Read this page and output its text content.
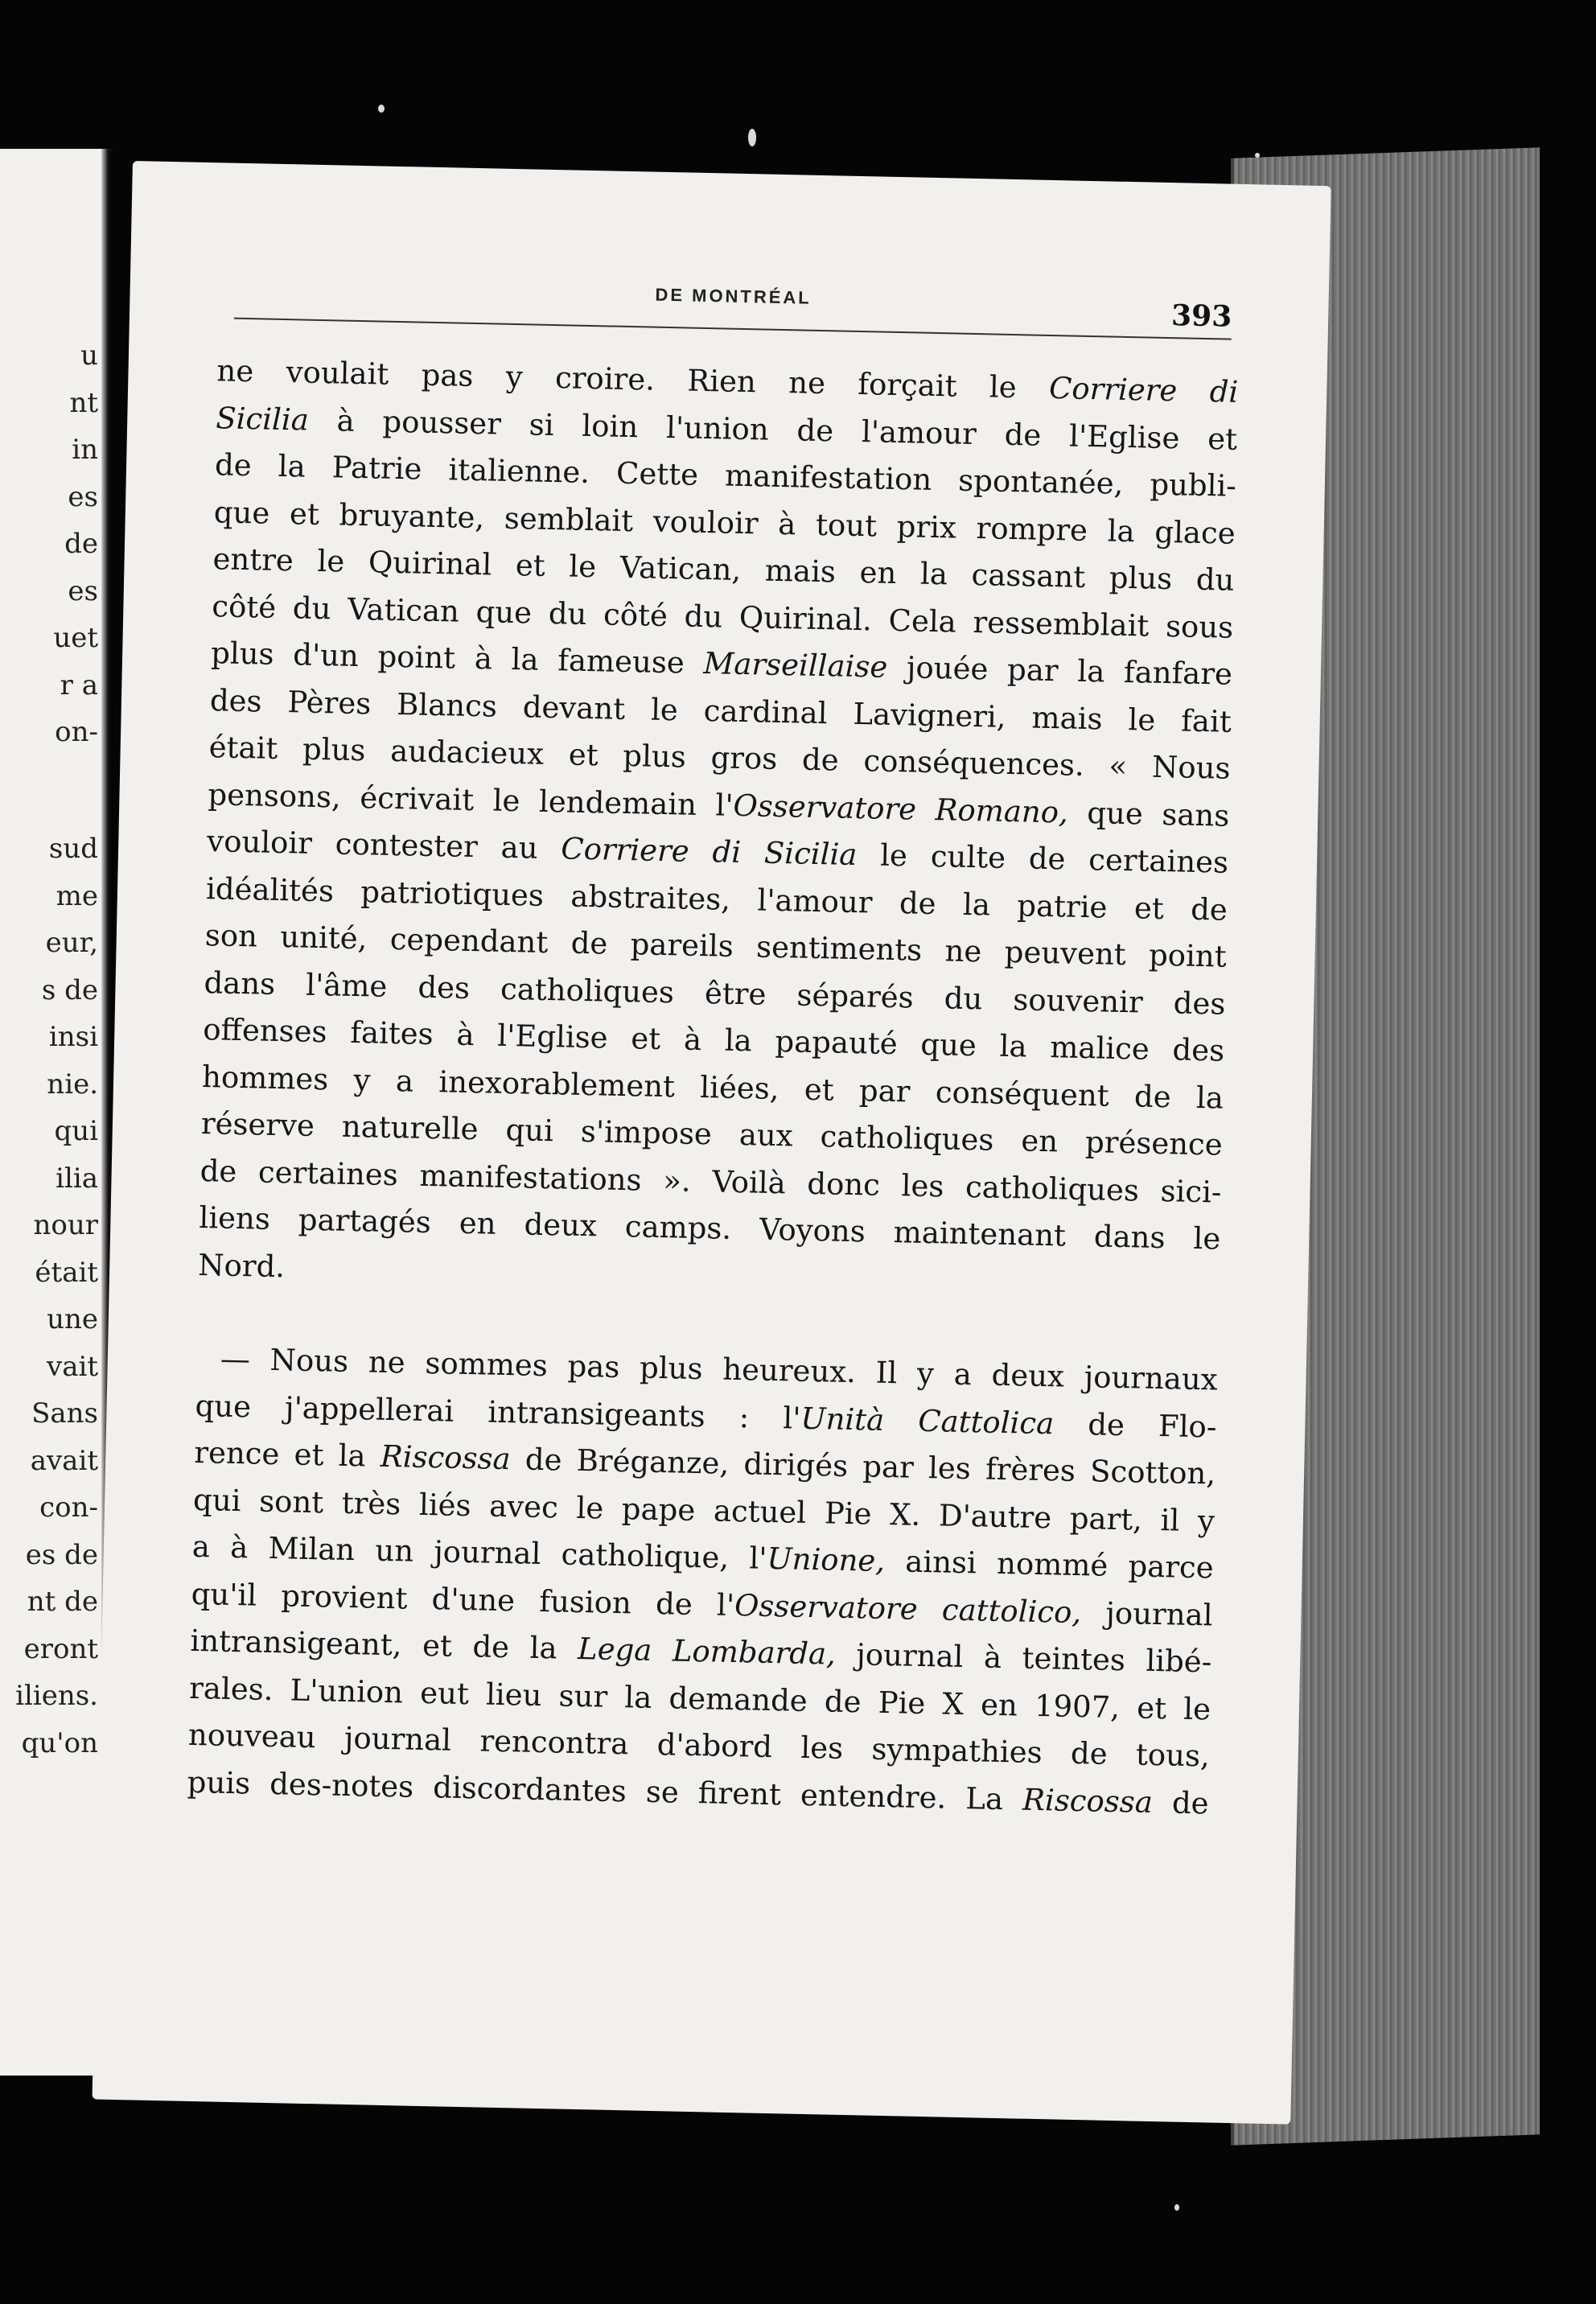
u
nt
in
es
de
es
uet
r a
on-
sud
me
eur,
s de
insi
nie.
qui
ilia
nour
était
une
vait
Sans
avait
con-
es de
nt de
eront
iliens.
qu'on
DE MONTRÉAL
393
ne voulait pas y croire. Rien ne forçait le Corriere di
Sicilia à pousser si loin l'union de l'amour de l'Eglise et
de la Patrie italienne. Cette manifestation spontanée, publi-
que et bruyante, semblait vouloir à tout prix rompre la glace
entre le Quirinal et le Vatican, mais en la cassant plus du
côté du Vatican que du côté du Quirinal. Cela ressemblait sous
plus d'un point à la fameuse Marseillaise jouée par la fanfare
des Pères Blancs devant le cardinal Lavigneri, mais le fait
était plus audacieux et plus gros de conséquences. « Nous
pensons, écrivait le lendemain l'Osservatore Romano, que sans
vouloir contester au Corriere di Sicilia le culte de certaines
idéalités patriotiques abstraites, l'amour de la patrie et de
son unité, cependant de pareils sentiments ne peuvent point
dans l'âme des catholiques être séparés du souvenir des
offenses faites à l'Eglise et à la papauté que la malice des
hommes y a inexorablement liées, et par conséquent de la
réserve naturelle qui s'impose aux catholiques en présence
de certaines manifestations ». Voilà donc les catholiques sici-
liens partagés en deux camps. Voyons maintenant dans le
Nord.
— Nous ne sommes pas plus heureux. Il y a deux journaux
que j'appellerai intransigeants : l'Unità Cattolica de Flo-
rence et la Riscossa de Bréganze, dirigés par les frères Scotton,
qui sont très liés avec le pape actuel Pie X. D'autre part, il y
a à Milan un journal catholique, l'Unione, ainsi nommé parce
qu'il provient d'une fusion de l'Osservatore cattolico, journal
intransigeant, et de la Lega Lombarda, journal à teintes libé-
rales. L'union eut lieu sur la demande de Pie X en 1907, et le
nouveau journal rencontra d'abord les sympathies de tous,
puis des-notes discordantes se firent entendre. La Riscossa de
